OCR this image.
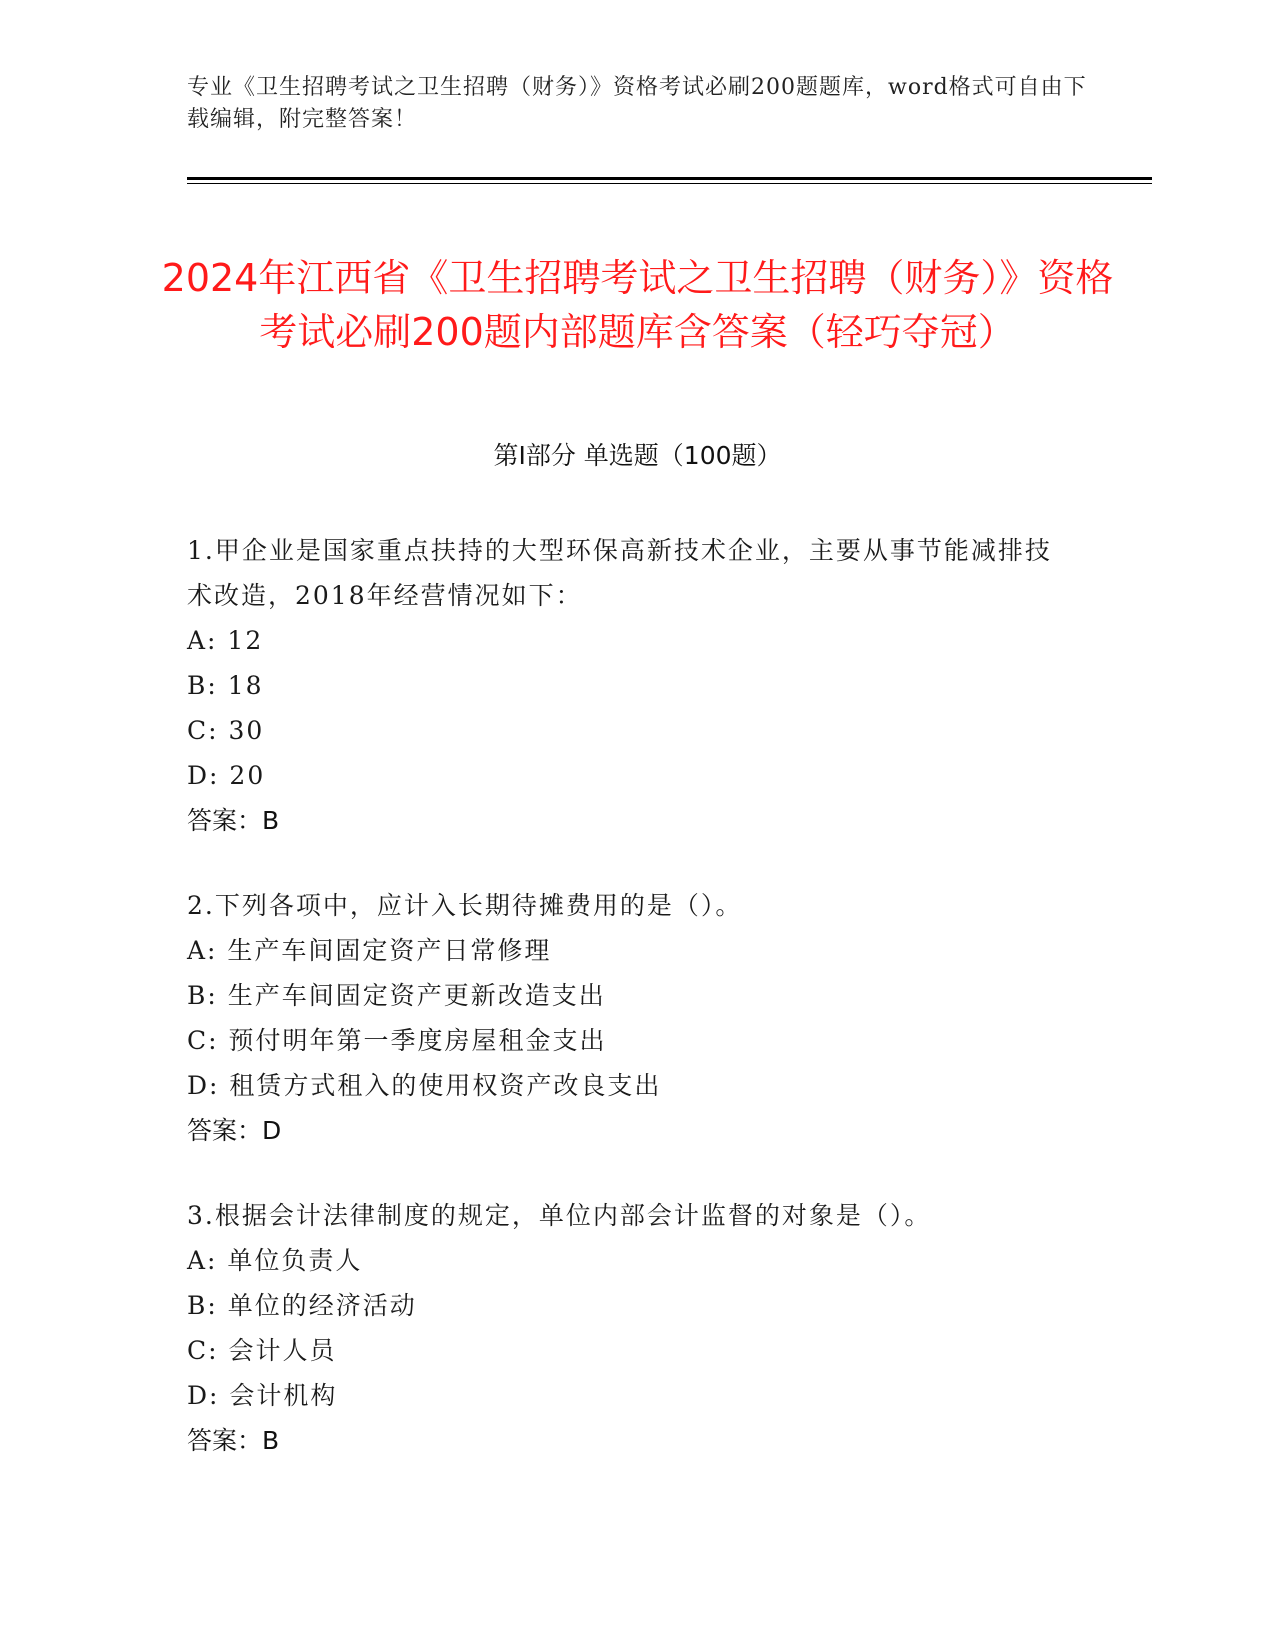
专业《卫生招聘考试之卫生招聘（财务）》资格考试必刷200题题库，word格式可自由下载编辑，附完整答案！
2024年江西省《卫生招聘考试之卫生招聘（财务）》资格考试必刷200题内部题库含答案（轻巧夺冠）
第I部分 单选题（100题）
1.甲企业是国家重点扶持的大型环保高新技术企业，主要从事节能减排技术改造，2018年经营情况如下：
A: 12
B: 18
C: 30
D: 20
答案：B
2.下列各项中，应计入长期待摊费用的是（）。
A: 生产车间固定资产日常修理
B: 生产车间固定资产更新改造支出
C: 预付明年第一季度房屋租金支出
D: 租赁方式租入的使用权资产改良支出
答案：D
3.根据会计法律制度的规定，单位内部会计监督的对象是（）。
A: 单位负责人
B: 单位的经济活动
C: 会计人员
D: 会计机构
答案：B
